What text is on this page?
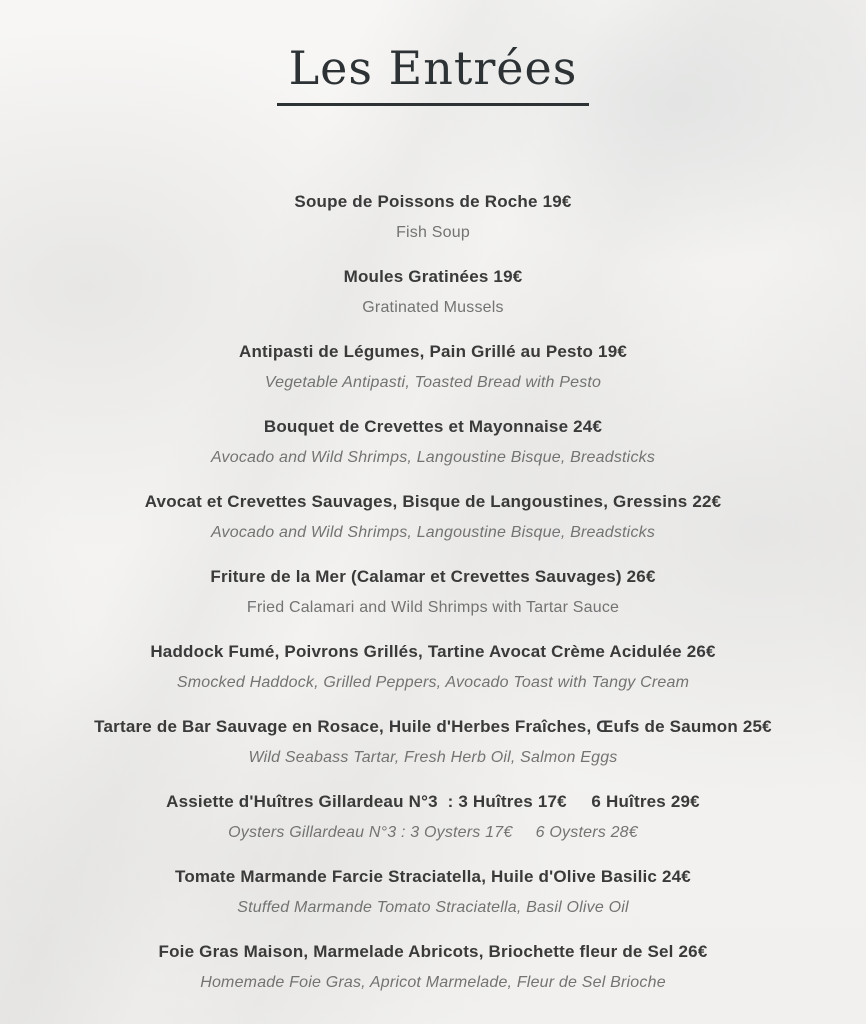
Les Entrées
Soupe de Poissons de Roche 19€
Fish Soup
Moules Gratinées 19€
Gratinated Mussels
Antipasti de Légumes, Pain Grillé au Pesto 19€
Vegetable Antipasti, Toasted Bread with Pesto
Bouquet de Crevettes et Mayonnaise 24€
Avocado and Wild Shrimps, Langoustine Bisque, Breadsticks
Avocat et Crevettes Sauvages, Bisque de Langoustines, Gressins 22€
Avocado and Wild Shrimps, Langoustine Bisque, Breadsticks
Friture de la Mer (Calamar et Crevettes Sauvages) 26€
Fried Calamari and Wild Shrimps with Tartar Sauce
Haddock Fumé, Poivrons Grillés, Tartine Avocat Crème Acidulée 26€
Smocked Haddock, Grilled Peppers, Avocado Toast with Tangy Cream
Tartare de Bar Sauvage en Rosace, Huile d'Herbes Fraîches, Œufs de Saumon 25€
Wild Seabass Tartar, Fresh Herb Oil, Salmon Eggs
Assiette d'Huîtres Gillardeau N°3  : 3 Huîtres 17€     6 Huîtres 29€
Oysters Gillardeau N°3 : 3 Oysters 17€     6 Oysters 28€
Tomate Marmande Farcie Straciatella, Huile d'Olive Basilic 24€
Stuffed Marmande Tomato Straciatella, Basil Olive Oil
Foie Gras Maison, Marmelade Abricots, Briochette fleur de Sel 26€
Homemade Foie Gras, Apricot Marmelade, Fleur de Sel Brioche
